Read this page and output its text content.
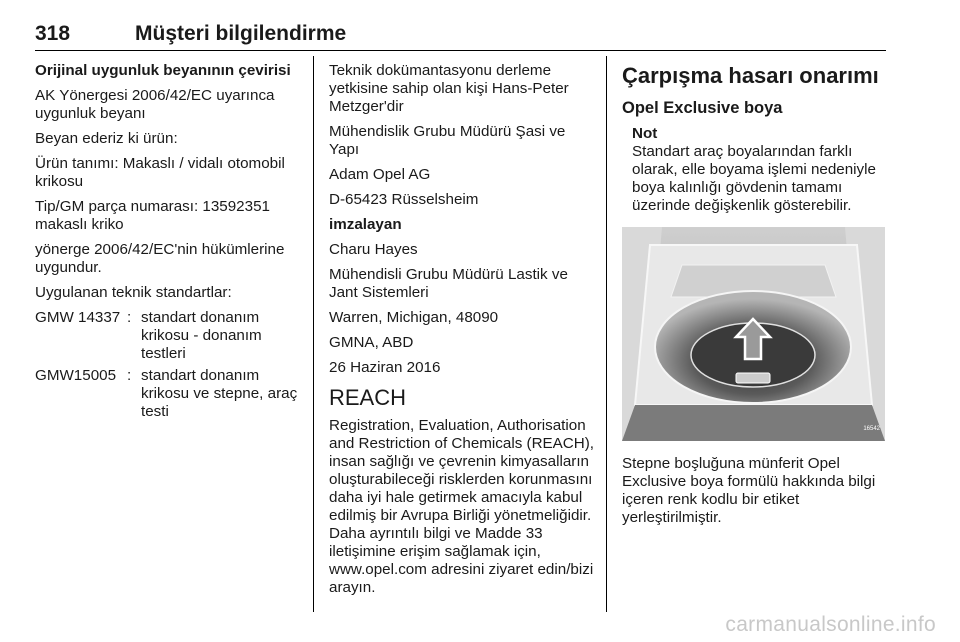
318	Müşteri bilgilendirme

Orijinal uygunluk beyanının çevirisi

AK Yönergesi 2006/42/EC uyarınca uygunluk beyanı

Beyan ederiz ki ürün:

Ürün tanımı: Makaslı / vidalı otomobil krikosu

Tip/GM parça numarası: 13592351 makaslı kriko

yönerge 2006/42/EC'nin hükümlerine uygundur.

Uygulanan teknik standartlar:

GMW 14337	:	standart donanım krikosu - donanım testleri
GMW15005	:	standart donanım krikosu ve stepne, araç testi

Teknik dokümantasyonu derleme yetkisine sahip olan kişi Hans-Peter Metzger'dir

Mühendislik Grubu Müdürü Şasi ve Yapı

Adam Opel AG

D-65423 Rüsselsheim

imzalayan

Charu Hayes

Mühendisli Grubu Müdürü Lastik ve Jant Sistemleri

Warren, Michigan, 48090

GMNA, ABD

26 Haziran 2016

REACH

Registration, Evaluation, Authorisation and Restriction of Chemicals (REACH), insan sağlığı ve çevrenin kimyasalların oluşturabileceği risklerden korunmasını daha iyi hale getirmek amacıyla kabul edilmiş bir Avrupa Birliği yönetmeliğidir. Daha ayrıntılı bilgi ve Madde 33 iletişimine erişim sağlamak için, www.opel.com adresini ziyaret edin/bizi arayın.

Çarpışma hasarı onarımı
Opel Exclusive boya
Not
Standart araç boyalarından farklı olarak, elle boyama işlemi nedeniyle boya kalınlığı gövdenin tamamı üzerinde değişkenlik gösterebilir.
16542

Stepne boşluğuna münferit Opel Exclusive boya formülü hakkında bilgi içeren renk kodlu bir etiket yerleştirilmiştir.

carmanualsonline.info
